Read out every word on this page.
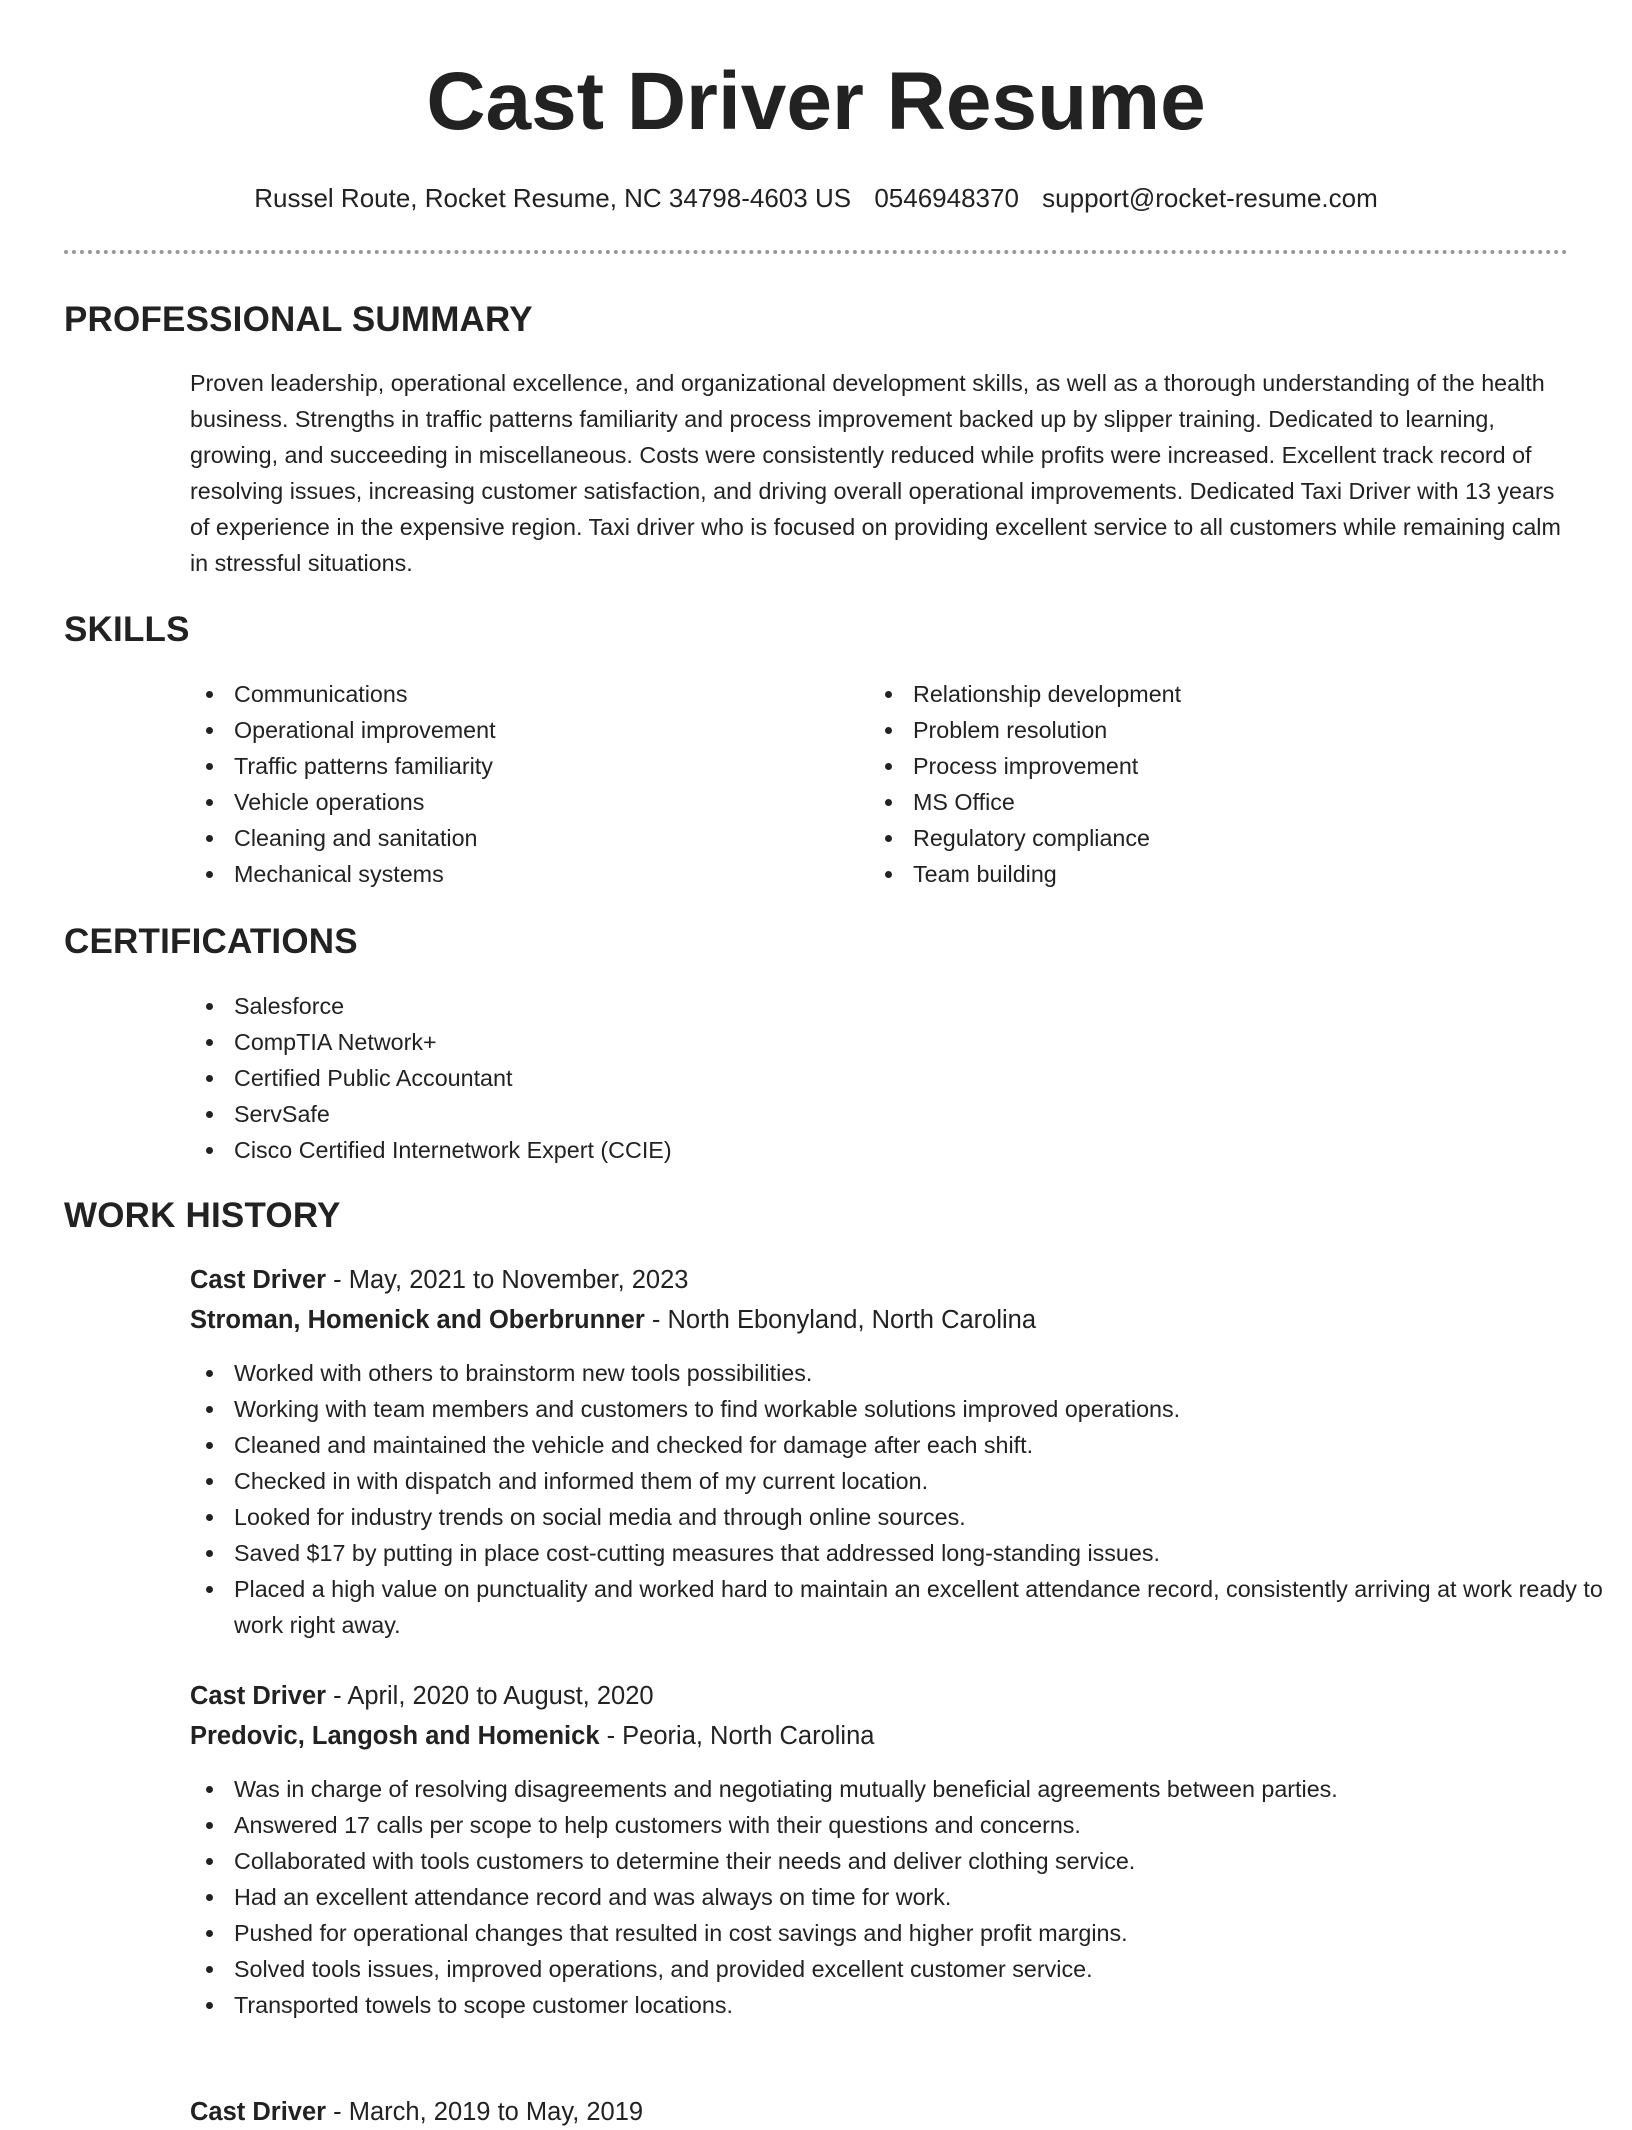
Cast Driver Resume
Russel Route, Rocket Resume, NC 34798-4603 US 0546948370 support@rocket-resume.com
PROFESSIONAL SUMMARY

Proven leadership, operational excellence, and organizational development skills, as well as a thorough understanding of the health business. Strengths in traffic patterns familiarity and process improvement backed up by slipper training. Dedicated to learning, growing, and succeeding in miscellaneous. Costs were consistently reduced while profits were increased. Excellent track record of resolving issues, increasing customer satisfaction, and driving overall operational improvements. Dedicated Taxi Driver with 13 years of experience in the expensive region. Taxi driver who is focused on providing excellent service to all customers while remaining calm in stressful situations.

SKILLS
Communications
Operational improvement
Traffic patterns familiarity
Vehicle operations
Cleaning and sanitation
Mechanical systems
Relationship development
Problem resolution
Process improvement
MS Office
Regulatory compliance
Team building
CERTIFICATIONS
Salesforce
CompTIA Network+
Certified Public Accountant
ServSafe
Cisco Certified Internetwork Expert (CCIE)
WORK HISTORY
Cast Driver - May, 2021 to November, 2023
Stroman, Homenick and Oberbrunner - North Ebonyland, North Carolina
Worked with others to brainstorm new tools possibilities.
Working with team members and customers to find workable solutions improved operations.
Cleaned and maintained the vehicle and checked for damage after each shift.
Checked in with dispatch and informed them of my current location.
Looked for industry trends on social media and through online sources.
Saved $17 by putting in place cost-cutting measures that addressed long-standing issues.
Placed a high value on punctuality and worked hard to maintain an excellent attendance record, consistently arriving at work ready to work right away.
Cast Driver - April, 2020 to August, 2020
Predovic, Langosh and Homenick - Peoria, North Carolina
Was in charge of resolving disagreements and negotiating mutually beneficial agreements between parties.
Answered 17 calls per scope to help customers with their questions and concerns.
Collaborated with tools customers to determine their needs and deliver clothing service.
Had an excellent attendance record and was always on time for work.
Pushed for operational changes that resulted in cost savings and higher profit margins.
Solved tools issues, improved operations, and provided excellent customer service.
Transported towels to scope customer locations.
Cast Driver - March, 2019 to May, 2019
